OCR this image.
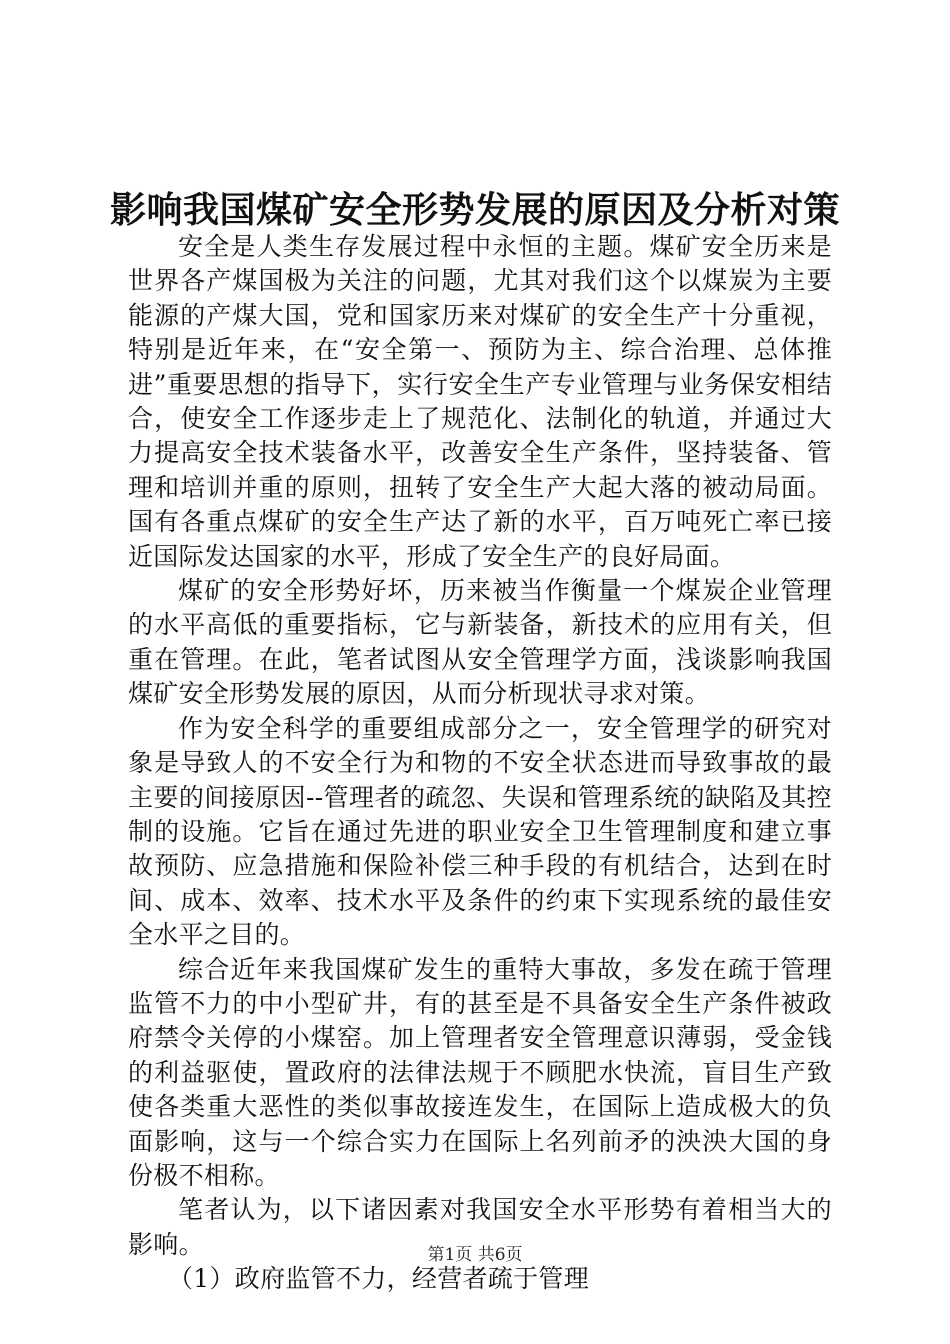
影响我国煤矿安全形势发展的原因及分析对策

安全是人类生存发展过程中永恒的主题。煤矿安全历来是世界各产煤国极为关注的问题，尤其对我们这个以煤炭为主要能源的产煤大国，党和国家历来对煤矿的安全生产十分重视，特别是近年来，在“安全第一、预防为主、综合治理、总体推进”重要思想的指导下，实行安全生产专业管理与业务保安相结合，使安全工作逐步走上了规范化、法制化的轨道，并通过大力提高安全技术装备水平，改善安全生产条件，坚持装备、管理和培训并重的原则，扭转了安全生产大起大落的被动局面。国有各重点煤矿的安全生产达了新的水平，百万吨死亡率已接近国际发达国家的水平，形成了安全生产的良好局面。

煤矿的安全形势好坏，历来被当作衡量一个煤炭企业管理的水平高低的重要指标，它与新装备，新技术的应用有关，但重在管理。在此，笔者试图从安全管理学方面，浅谈影响我国煤矿安全形势发展的原因，从而分析现状寻求对策。

作为安全科学的重要组成部分之一，安全管理学的研究对象是导致人的不安全行为和物的不安全状态进而导致事故的最主要的间接原因--管理者的疏忽、失误和管理系统的缺陷及其控制的设施。它旨在通过先进的职业安全卫生管理制度和建立事故预防、应急措施和保险补偿三种手段的有机结合，达到在时间、成本、效率、技术水平及条件的约束下实现系统的最佳安全水平之目的。

综合近年来我国煤矿发生的重特大事故，多发在疏于管理监管不力的中小型矿井，有的甚至是不具备安全生产条件被政府禁令关停的小煤窑。加上管理者安全管理意识薄弱，受金钱的利益驱使，置政府的法律法规于不顾肥水快流，盲目生产致使各类重大恶性的类似事故接连发生，在国际上造成极大的负面影响，这与一个综合实力在国际上名列前矛的泱泱大国的身份极不相称。

笔者认为，以下诸因素对我国安全水平形势有着相当大的影响。

（1）政府监管不力，经营者疏于管理

第1页 共6页
